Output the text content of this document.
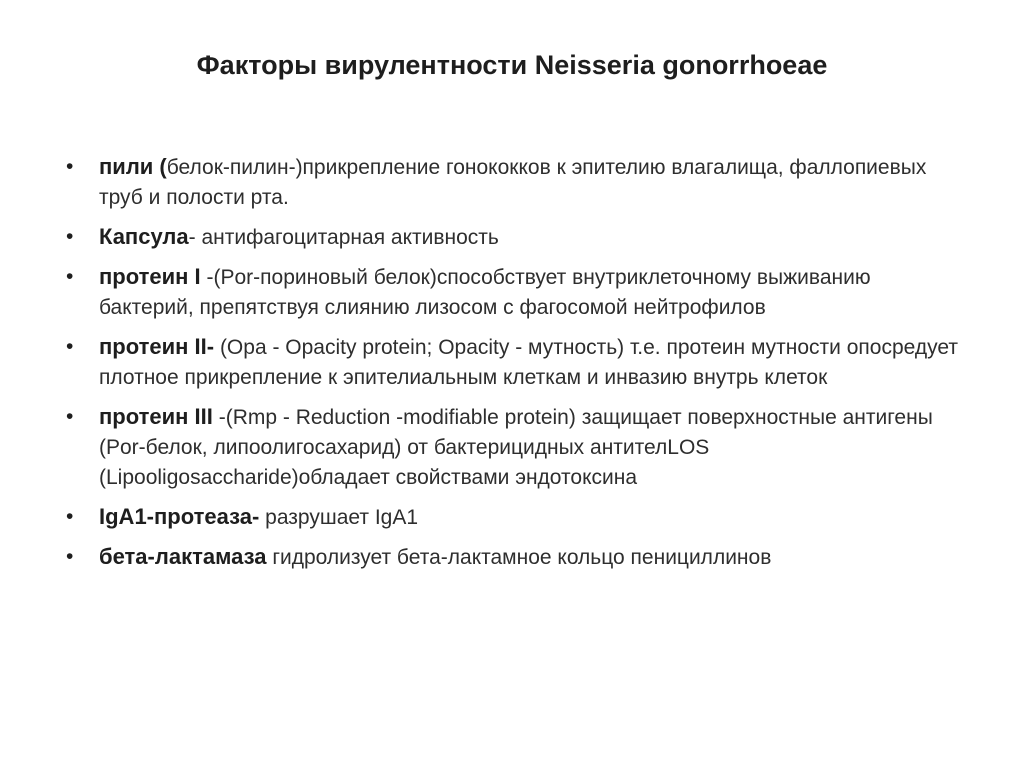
Факторы вирулентности Neisseria gonorrhoeae
• пили (белок-пилин-)прикрепление гонококков к эпителию влагалища, фаллопиевых труб и полости рта.
• Капсула- антифагоцитарная активность
• протеин I -(Por-пориновый белок)способствует внутриклеточному выживанию бактерий, препятствуя слиянию лизосом с фагосомой нейтрофилов
• протеин II- (Opa - Opacity protein; Opacity - мутность) т.е. протеин мутности опосредует плотное прикрепление к эпителиальным клеткам и инвазию внутрь клеток
• протеин III -(Rmp - Reduction -modifiable protein) защищает поверхностные антигены (Por-белок, липоолигосахарид) от бактерицидных антителLOS (Lipooligosaccharide)обладает свойствами эндотоксина
• IgA1-протеаза- разрушает IgA1
• бета-лактамаза гидролизует бета-лактамное кольцо пенициллинов
